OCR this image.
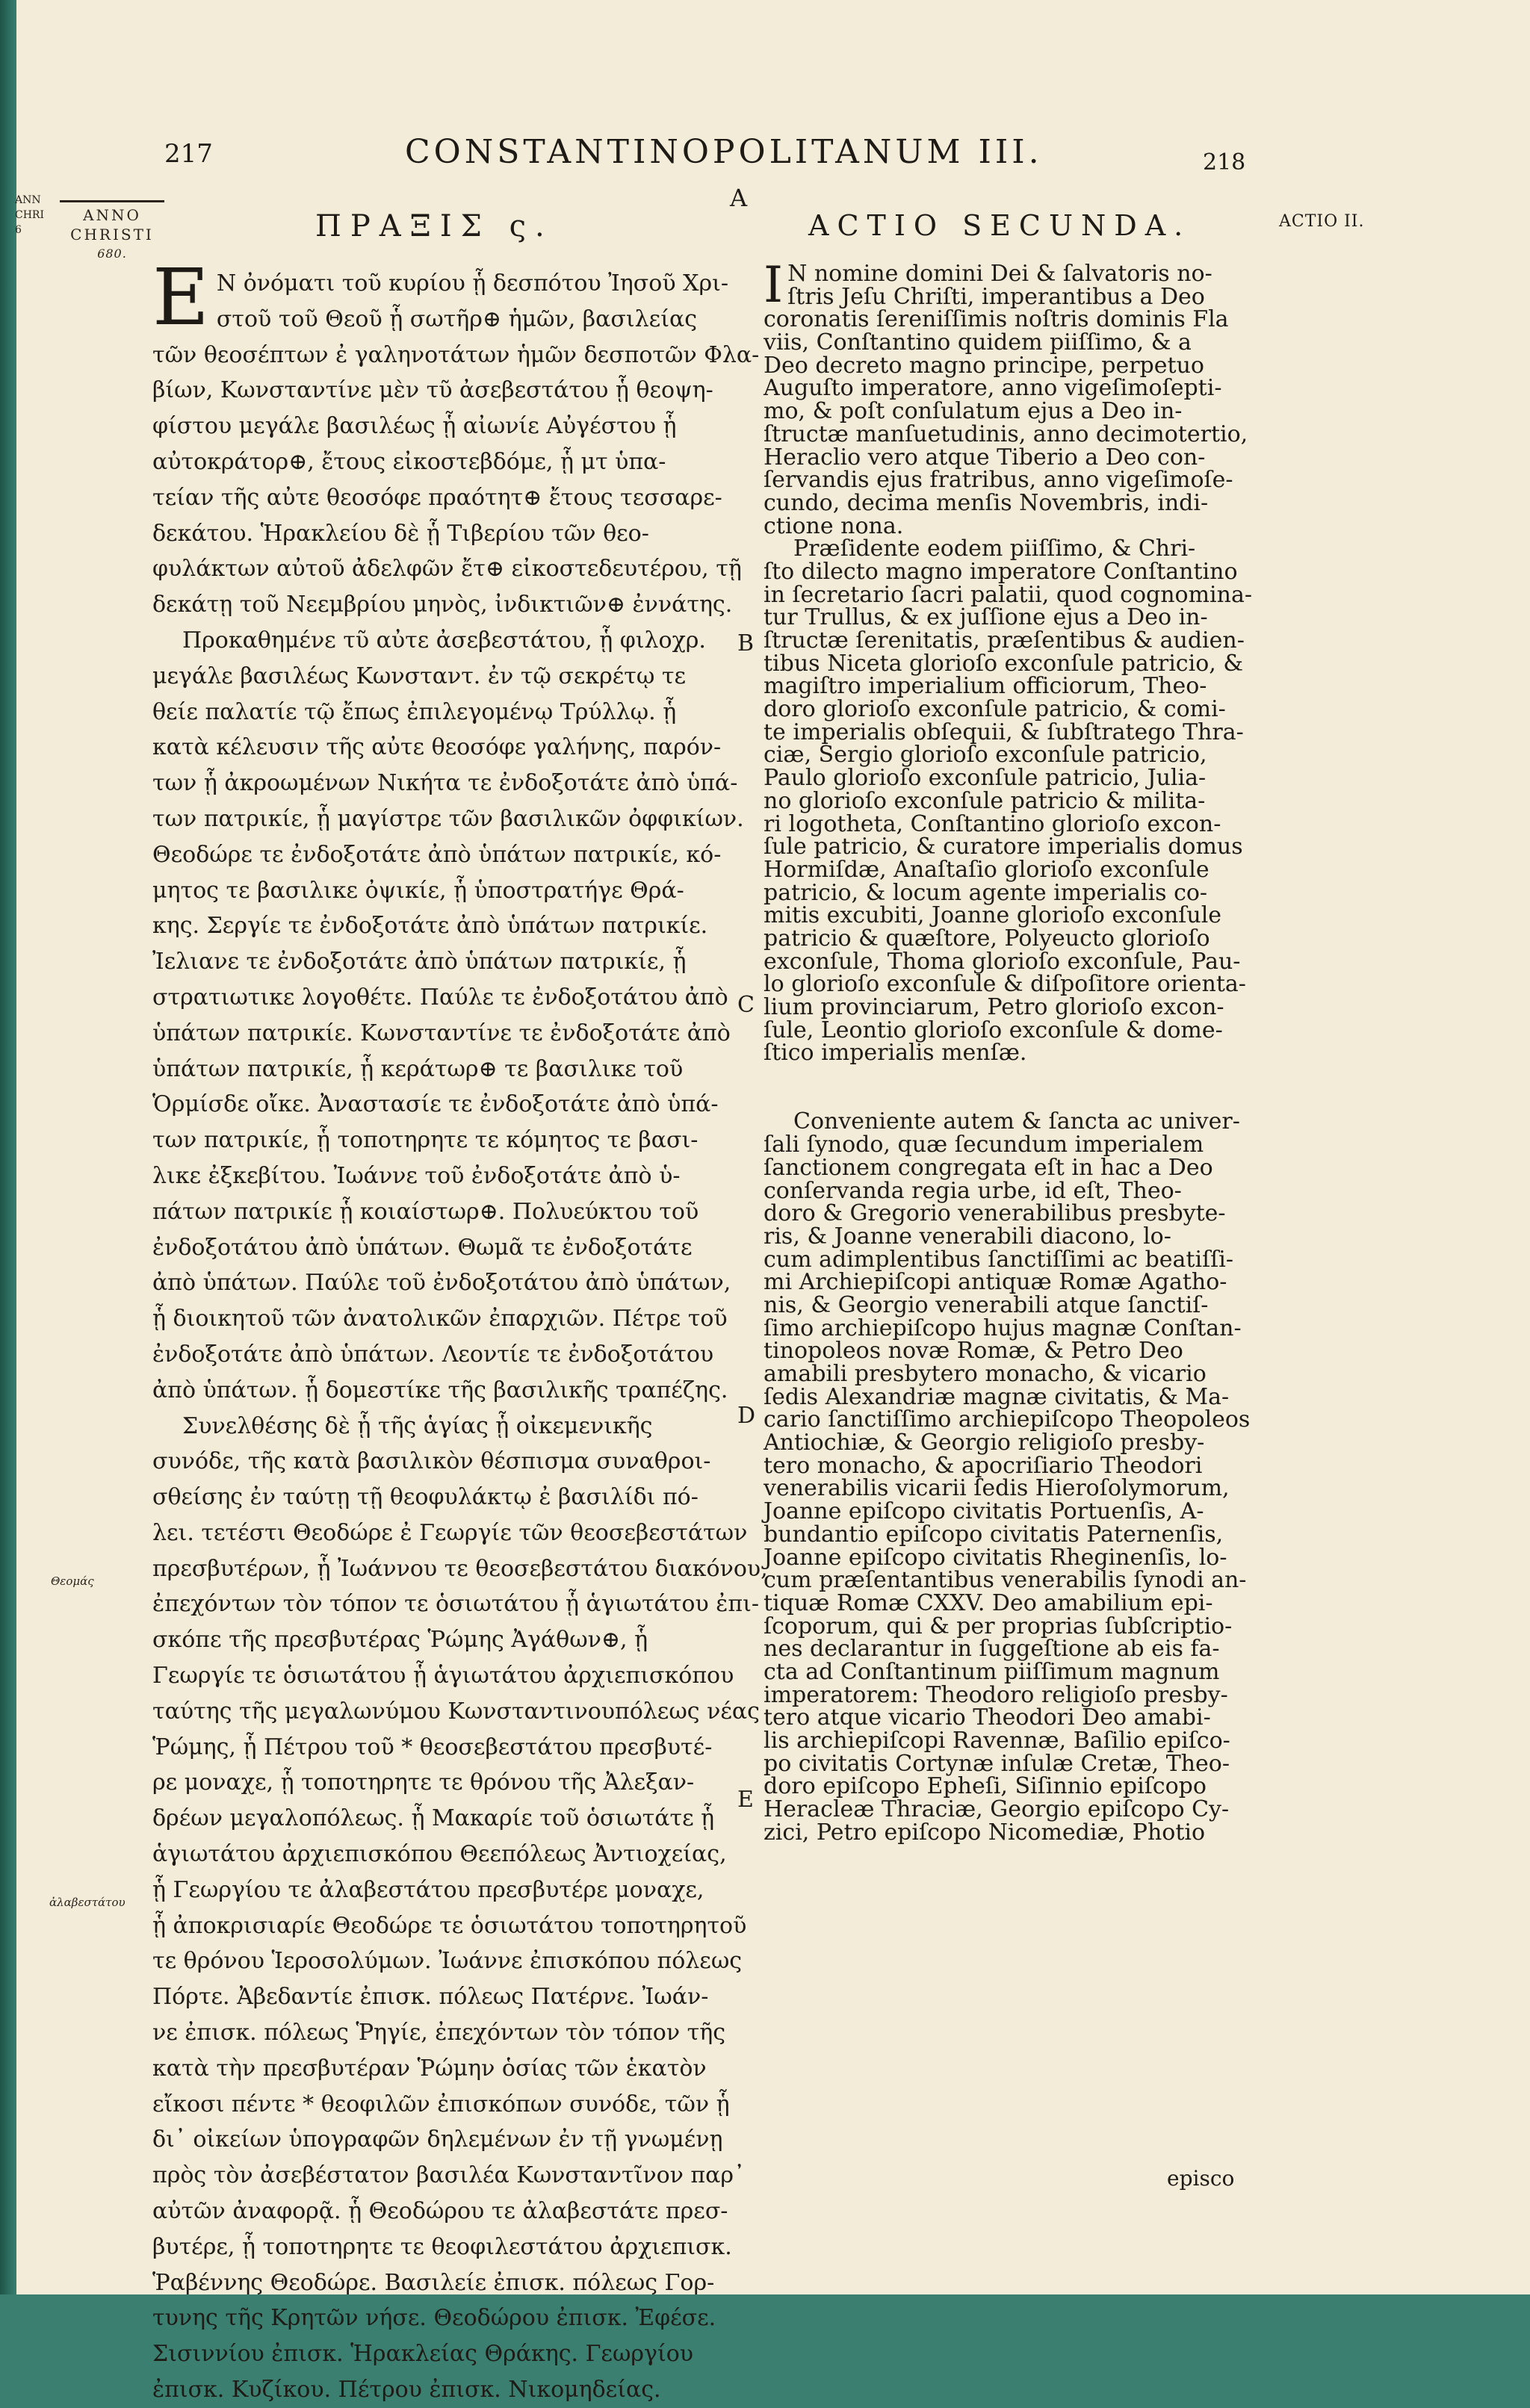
ANN
CHRI
6
217	CONSTANTINOPOLITANUM III.	218
A
ANNO
CHRISTI
680.
ΠΡΑΞΙΣ ς.	ACTIO SECUNDA.	ACTIO II.
Ε N ὀνόματι τοῦ κυρίου ᾗ δεσπότου Ἰησοῦ Χρι-
στοῦ τοῦ Θεοῦ ᾗ σωτῆρ⊕ ἡμῶν, βασιλείας
τῶν θεοσέπτων ἐ γαληνοτάτων ἡμῶν δεσποτῶν Φλα-
βίων, Κωνσταντίνε μὲν τῦ ἀσεβεστάτου ᾗ θεοψη-
φίστου μεγάλε βασιλέως ᾗ αἰωνίε Αὐγέστου ᾗ
αὐτοκράτορ⊕, ἔτους εἰκοστεβδόμε, ᾗ μτ ὑπα-
τείαν τῆς αὐτε θεοσόφε πραότητ⊕ ἔτους τεσσαρε-
δεκάτου. Ἡρακλείου δὲ ᾗ Τιβερίου τῶν θεο-
φυλάκτων αὐτοῦ ἀδελφῶν ἔτ⊕ εἰκοστεδευτέρου, τῇ
δεκάτῃ τοῦ Νεεμβρίου μηνὸς, ἰνδικτιῶν⊕ ἐννάτης.
Προκαθημένε τῦ αὐτε ἀσεβεστάτου, ᾗ φιλοχρ.
μεγάλε βασιλέως Κωνσταντ. ἐν τῷ σεκρέτῳ τε
θείε παλατίε τῷ ἔπως ἐπιλεγομένῳ Τρύλλῳ. ᾗ
κατὰ κέλευσιν τῆς αὐτε θεοσόφε γαλήνης, παρόν-
των ᾗ ἀκροωμένων Νικήτα τε ἐνδοξοτάτε ἀπὸ ὑπά-
των πατρικίε, ᾗ μαγίστρε τῶν βασιλικῶν ὀφφικίων.
Θεοδώρε τε ἐνδοξοτάτε ἀπὸ ὑπάτων πατρικίε, κό-
μητος τε βασιλικε ὀψικίε, ᾗ ὑποστρατήγε Θρά-
κης. Σεργίε τε ἐνδοξοτάτε ἀπὸ ὑπάτων πατρικίε.
Ἰελιανε τε ἐνδοξοτάτε ἀπὸ ὑπάτων πατρικίε, ᾗ
στρατιωτικε λογοθέτε. Παύλε τε ἐνδοξοτάτου ἀπὸ
ὑπάτων πατρικίε. Κωνσταντίνε τε ἐνδοξοτάτε ἀπὸ
ὑπάτων πατρικίε, ᾗ κεράτωρ⊕ τε βασιλικε τοῦ
Ὁρμίσδε οἴκε. Ἀναστασίε τε ἐνδοξοτάτε ἀπὸ ὑπά-
των πατρικίε, ᾗ τοποτηρητε τε κόμητος τε βασι-
λικε ἐξκεβίτου. Ἰωάννε τοῦ ἐνδοξοτάτε ἀπὸ ὑ-
πάτων πατρικίε ᾗ κοιαίστωρ⊕. Πολυεύκτου τοῦ
ἐνδοξοτάτου ἀπὸ ὑπάτων. Θωμᾶ τε ἐνδοξοτάτε
ἀπὸ ὑπάτων. Παύλε τοῦ ἐνδοξοτάτου ἀπὸ ὑπάτων,
ᾗ διοικητοῦ τῶν ἀνατολικῶν ἐπαρχιῶν. Πέτρε τοῦ
ἐνδοξοτάτε ἀπὸ ὑπάτων. Λεοντίε τε ἐνδοξοτάτου
ἀπὸ ὑπάτων. ᾗ δομεστίκε τῆς βασιλικῆς τραπέζης.
Συνελθέσης δὲ ᾗ τῆς ἁγίας ᾗ οἰκεμενικῆς
συνόδε, τῆς κατὰ βασιλικὸν θέσπισμα συναθροι-
σθείσης ἐν ταύτῃ τῇ θεοφυλάκτῳ ἐ βασιλίδι πό-
λει. τετέστι Θεοδώρε ἐ Γεωργίε τῶν θεοσεβεστάτων
πρεσβυτέρων, ᾗ Ἰωάννου τε θεοσεβεστάτου διακόνου,
ἐπεχόντων τὸν τόπον τε ὁσιωτάτου ᾗ ἁγιωτάτου ἐπι-
σκόπε τῆς πρεσβυτέρας Ῥώμης Ἀγάθων⊕, ᾗ
Γεωργίε τε ὁσιωτάτου ᾗ ἁγιωτάτου ἀρχιεπισκόπου
ταύτης τῆς μεγαλωνύμου Κωνσταντινουπόλεως νέας
Ῥώμης, ᾗ Πέτρου τοῦ * θεοσεβεστάτου πρεσβυτέ-
ρε μοναχε, ᾗ τοποτηρητε τε θρόνου τῆς Ἀλεξαν-
δρέων μεγαλοπόλεως. ᾗ Μακαρίε τοῦ ὁσιωτάτε ᾗ
ἁγιωτάτου ἀρχιεπισκόπου Θεεπόλεως Ἀντιοχείας,
ᾗ Γεωργίου τε ἀλαβεστάτου πρεσβυτέρε μοναχε,
ᾗ ἀποκρισιαρίε Θεοδώρε τε ὁσιωτάτου τοποτηρητοῦ
τε θρόνου Ἱεροσολύμων. Ἰωάννε ἐπισκόπου πόλεως
Πόρτε. Ἀβεδαντίε ἐπισκ. πόλεως Πατέρνε. Ἰωάν-
νε ἐπισκ. πόλεως Ῥηγίε, ἐπεχόντων τὸν τόπον τῆς
κατὰ τὴν πρεσβυτέραν Ῥώμην ὁσίας τῶν ἑκατὸν
εἴκοσι πέντε * θεοφιλῶν ἐπισκόπων συνόδε, τῶν ᾗ
δι᾽ οἰκείων ὑπογραφῶν δηλεμένων ἐν τῇ γνωμένῃ
πρὸς τὸν ἀσεβέστατον βασιλέα Κωνσταντῖνον παρ᾽
αὐτῶν ἀναφορᾷ. ᾗ Θεοδώρου τε ἀλαβεστάτε πρεσ-
βυτέρε, ᾗ τοποτηρητε τε θεοφιλεστάτου ἀρχιεπισκ.
Ῥαβέννης Θεοδώρε. Βασιλείε ἐπισκ. πόλεως Γορ-
τυνης τῆς Κρητῶν νήσε. Θεοδώρου ἐπισκ. Ἐφέσε.
Σισιννίου ἐπισκ. Ἡρακλείας Θράκης. Γεωργίου
ἐπισκ. Κυζίκου. Πέτρου ἐπισκ. Νικομηδείας.
I N nomine domini Dei & ſalvatoris no-
ſtris Jeſu Chriſti, imperantibus a Deo
coronatis ſereniſſimis noſtris dominis Fla
viis, Conſtantino quidem piiſſimo, & a
Deo decreto magno principe, perpetuo
Auguſto imperatore, anno vigeſimoſepti-
mo, & poſt conſulatum ejus a Deo in-
ſtructæ manſuetudinis, anno decimotertio,
Heraclio vero atque Tiberio a Deo con-
ſervandis ejus fratribus, anno vigeſimoſe-
cundo, decima menſis Novembris, indi-
ctione nona.
Præſidente eodem piiſſimo, & Chri-
ſto dilecto magno imperatore Conſtantino
in ſecretario ſacri palatii, quod cognomina-
tur Trullus, & ex juſſione ejus a Deo in-
ſtructæ ſerenitatis, præſentibus & audien-
tibus Niceta glorioſo exconſule patricio, &
magiſtro imperialium officiorum, Theo-
doro glorioſo exconſule patricio, & comi-
te imperialis obſequii, & ſubſtratego Thra-
ciæ, Sergio glorioſo exconſule patricio,
Paulo glorioſo exconſule patricio, Julia-
no glorioſo exconſule patricio & milita-
ri logotheta, Conſtantino glorioſo excon-
ſule patricio, & curatore imperialis domus
Hormiſdæ, Anaſtaſio glorioſo exconſule
patricio, & locum agente imperialis co-
mitis excubiti, Joanne glorioſo exconſule
patricio & quæſtore, Polyeucto glorioſo
exconſule, Thoma glorioſo exconſule, Pau-
lo glorioſo exconſule & diſpoſitore orienta-
lium provinciarum, Petro glorioſo excon-
ſule, Leontio glorioſo exconſule & dome-
ſtico imperialis menſæ.

Conveniente autem & ſancta ac univer-
ſali ſynodo, quæ ſecundum imperialem
ſanctionem congregata eſt in hac a Deo
conſervanda regia urbe, id eſt, Theo-
doro & Gregorio venerabilibus presbyte-
ris, & Joanne venerabili diacono, lo-
cum adimplentibus ſanctiſſimi ac beatiſſi-
mi Archiepiſcopi antiquæ Romæ Agatho-
nis, & Georgio venerabili atque ſanctiſ-
ſimo archiepiſcopo hujus magnæ Conſtan-
tinopoleos novæ Romæ, & Petro Deo
amabili presbytero monacho, & vicario
ſedis Alexandriæ magnæ civitatis, & Ma-
cario ſanctiſſimo archiepiſcopo Theopoleos
Antiochiæ, & Georgio religioſo presby-
tero monacho, & apocriſiario Theodori
venerabilis vicarii ſedis Hieroſolymorum,
Joanne epiſcopo civitatis Portuenſis, A-
bundantio epiſcopo civitatis Paternenſis,
Joanne epiſcopo civitatis Rheginenſis, lo-
cum præſentantibus venerabilis ſynodi an-
tiquæ Romæ CXXV. Deo amabilium epi-
ſcoporum, qui & per proprias ſubſcriptio-
nes declarantur in ſuggeſtione ab eis fa-
cta ad Conſtantinum piiſſimum magnum
imperatorem: Theodoro religioſo presby-
tero atque vicario Theodori Deo amabi-
lis archiepiſcopi Ravennæ, Baſilio epiſco-
po civitatis Cortynæ inſulæ Cretæ, Theo-
doro epiſcopo Epheſi, Siſinnio epiſcopo
Heracleæ Thraciæ, Georgio epiſcopo Cy-
zici, Petro epiſcopo Nicomediæ, Photio
B
C
D
E
Θεομάς
ἀλαβεστάτου
episco
